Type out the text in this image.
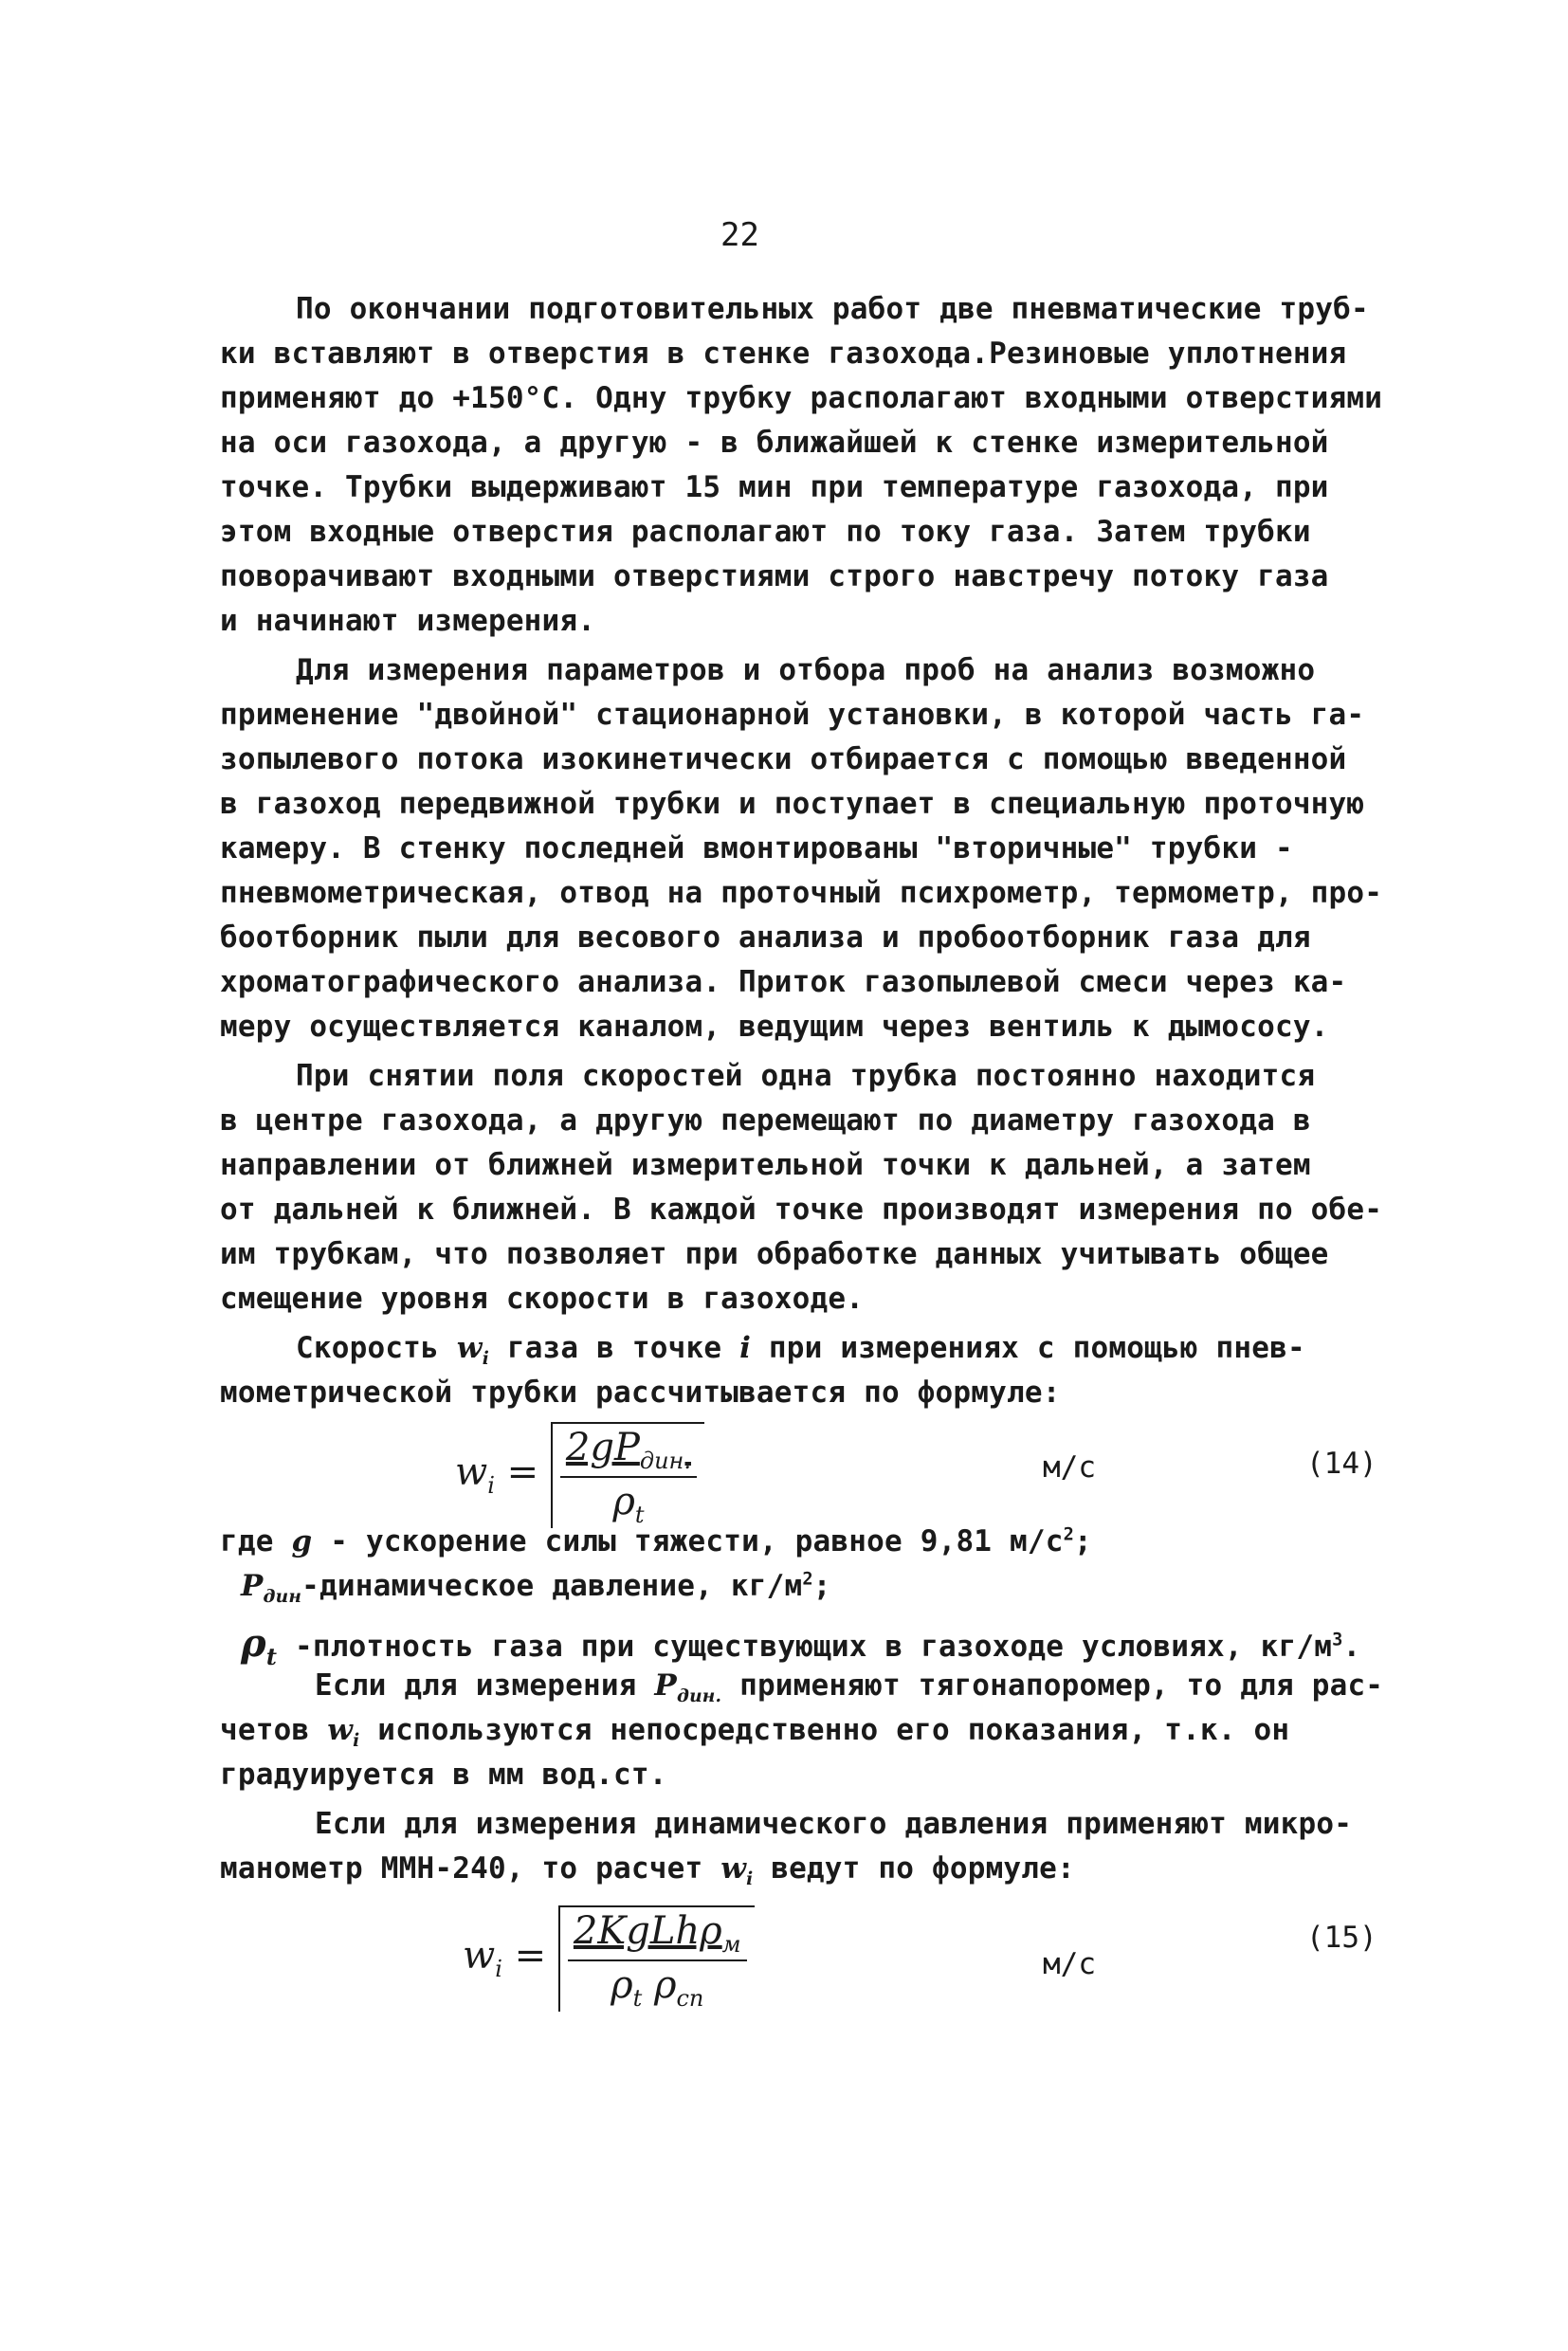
22
По окончании подготовительных работ две пневматические труб-
ки вставляют в отверстия в стенке газохода.Резиновые уплотнения
применяют до +150°С. Одну трубку располагают входными отверстиями
на оси газохода, а другую - в ближайшей к стенке измерительной
точке. Трубки выдерживают 15 мин при температуре газохода, при
этом входные отверстия располагают по току газа. Затем трубки
поворачивают входными отверстиями строго навстречу потоку газа
и начинают измерения.
Для измерения параметров и отбора проб на анализ возможно
применение "двойной" стационарной установки, в которой часть га-
зопылевого потока изокинетически отбирается с помощью введенной
в газоход передвижной трубки и поступает в специальную проточную
камеру. В стенку последней вмонтированы "вторичные" трубки -
пневмометрическая, отвод на проточный психрометр, термометр, про-
боотборник пыли для весового анализа и пробоотборник газа для
хроматографического анализа. Приток газопылевой смеси через ка-
меру осуществляется каналом, ведущим через вентиль к дымососу.
При снятии поля скоростей одна трубка постоянно находится
в центре газохода, а другую перемещают по диаметру газохода в
направлении от ближней измерительной точки к дальней, а затем
от дальней к ближней. В каждой точке производят измерения по обе-
им трубкам, что позволяет при обработке данных учитывать общее
смещение уровня скорости в газоходе.
Скорость $w_i$ газа в точке i при измерениях с помощью пнев-
мометрической трубки рассчитывается по формуле:
$w_i = \frac{2gP_{дин.}}{\rho_t}$	м/с	(14)
где g - ускорение силы тяжести, равное 9,81 $м/с^2$;
$P_{дин}$-динамическое давление, $кг/м^2$;
$\rho_t$ -плотность газа при существующих в газоходе условиях, $кг/м^3$.
Если для измерения $P_{дин.}$ применяют тягонапоромер, то для рас-
четов $w_i$ используются непосредственно его показания, т.к. он
градуируется в мм вод.ст.
Если для измерения динамического давления применяют микро-
манометр ММН-240, то расчет $w_i$ ведут по формуле:
$w_i = \frac{2KgLh\rho_м}{\rho_t \rho_{сп}}$	м/с
(15)
